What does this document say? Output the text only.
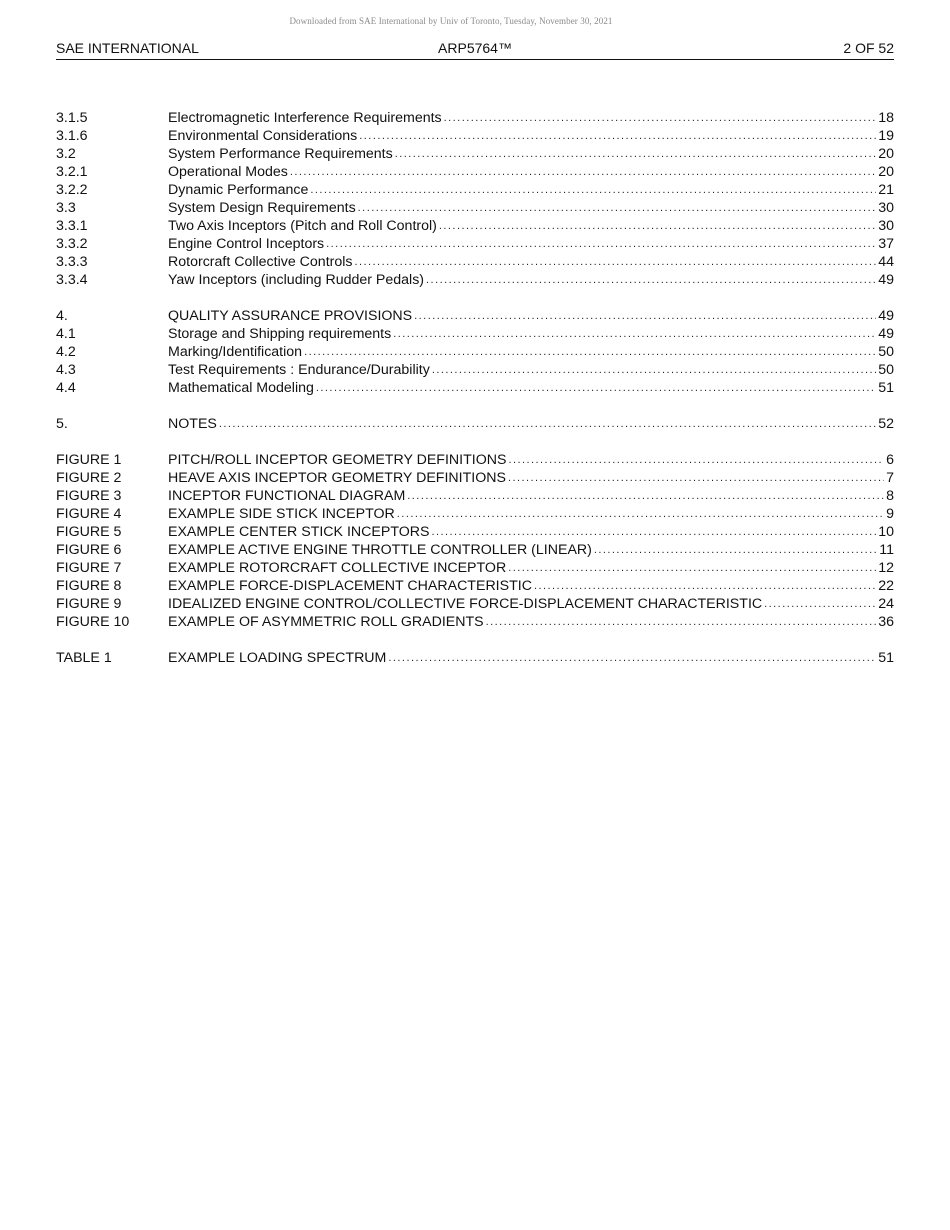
Downloaded from SAE International by Univ of Toronto, Tuesday, November 30, 2021
ARP5764™
SAE INTERNATIONAL	2 OF 52
3.1.5	Electromagnetic Interference Requirements . . .	18
3.1.6	Environmental Considerations . . .	19
3.2	System Performance Requirements . . .	20
3.2.1	Operational Modes . . .	20
3.2.2	Dynamic Performance . . .	21
3.3	System Design Requirements . . .	30
3.3.1	Two Axis Inceptors (Pitch and Roll Control) . . .	30
3.3.2	Engine Control Inceptors . . .	37
3.3.3	Rotorcraft Collective Controls . . .	44
3.3.4	Yaw Inceptors (including Rudder Pedals) . . .	49
4.	QUALITY ASSURANCE PROVISIONS . . .	49
4.1	Storage and Shipping requirements . . .	49
4.2	Marking/Identification . . .	50
4.3	Test Requirements : Endurance/Durability . . .	50
4.4	Mathematical Modeling . . .	51
5.	NOTES . . .	52
FIGURE 1	PITCH/ROLL INCEPTOR GEOMETRY DEFINITIONS . . .	6
FIGURE 2	HEAVE AXIS INCEPTOR GEOMETRY DEFINITIONS . . .	7
FIGURE 3	INCEPTOR FUNCTIONAL DIAGRAM . . .	8
FIGURE 4	EXAMPLE SIDE STICK INCEPTOR . . .	9
FIGURE 5	EXAMPLE CENTER STICK INCEPTORS . . .	10
FIGURE 6	EXAMPLE ACTIVE ENGINE THROTTLE CONTROLLER (LINEAR) . . .	11
FIGURE 7	EXAMPLE ROTORCRAFT COLLECTIVE INCEPTOR . . .	12
FIGURE 8	EXAMPLE FORCE-DISPLACEMENT CHARACTERISTIC . . .	22
FIGURE 9	IDEALIZED ENGINE CONTROL/COLLECTIVE FORCE-DISPLACEMENT CHARACTERISTIC . . .	24
FIGURE 10	EXAMPLE OF ASYMMETRIC ROLL GRADIENTS . . .	36
TABLE 1	EXAMPLE LOADING SPECTRUM . . .	51
